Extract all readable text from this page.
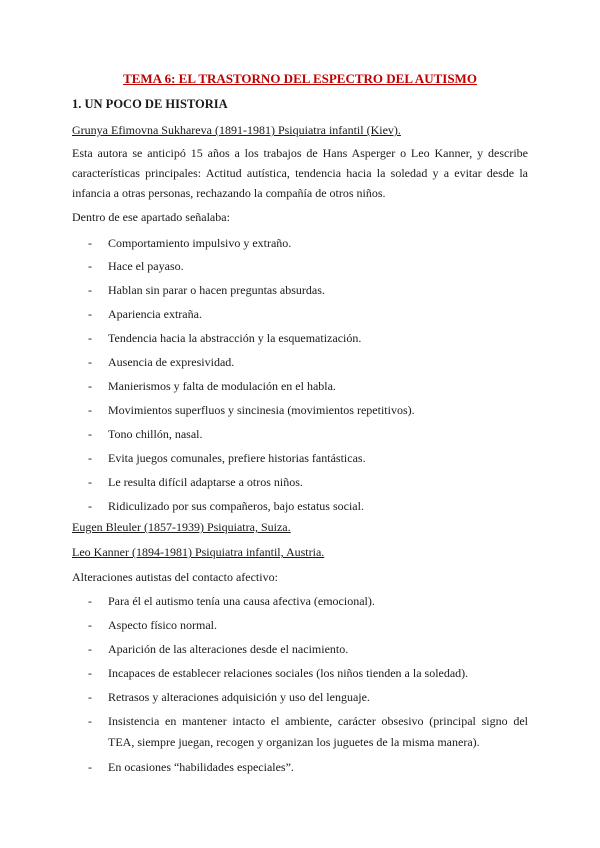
TEMA 6: EL TRASTORNO DEL ESPECTRO DEL AUTISMO

1. UN POCO DE HISTORIA

Grunya Efimovna Sukhareva (1891-1981) Psiquiatra infantil (Kiev).

Esta autora se anticipó 15 años a los trabajos de Hans Asperger o Leo Kanner, y describe

características principales: Actitud autística, tendencia hacia la soledad y a evitar desde la

infancia a otras personas, rechazando la compañía de otros niños.

Dentro de ese apartado señalaba:

- Comportamiento impulsivo y extraño.
- Hace el payaso.
- Hablan sin parar o hacen preguntas absurdas.
- Apariencia extraña.
- Tendencia hacia la abstracción y la esquematización.
- Ausencia de expresividad.
- Manierismos y falta de modulación en el habla.
- Movimientos superfluos y sincinesia (movimientos repetitivos).
- Tono chillón, nasal.
- Evita juegos comunales, prefiere historias fantásticas.
- Le resulta difícil adaptarse a otros niños.
- Ridiculizado por sus compañeros, bajo estatus social.

Eugen Bleuler (1857-1939) Psiquiatra, Suiza.

Leo Kanner (1894-1981) Psiquiatra infantil, Austria.

Alteraciones autistas del contacto afectivo:

- Para él el autismo tenía una causa afectiva (emocional).
- Aspecto físico normal.
- Aparición de las alteraciones desde el nacimiento.
- Incapaces de establecer relaciones sociales (los niños tienden a la soledad).
- Retrasos y alteraciones adquisición y uso del lenguaje.
- Insistencia en mantener intacto el ambiente, carácter obsesivo (principal signo del
TEA, siempre juegan, recogen y organizan los juguetes de la misma manera).
- En ocasiones “habilidades especiales”.
